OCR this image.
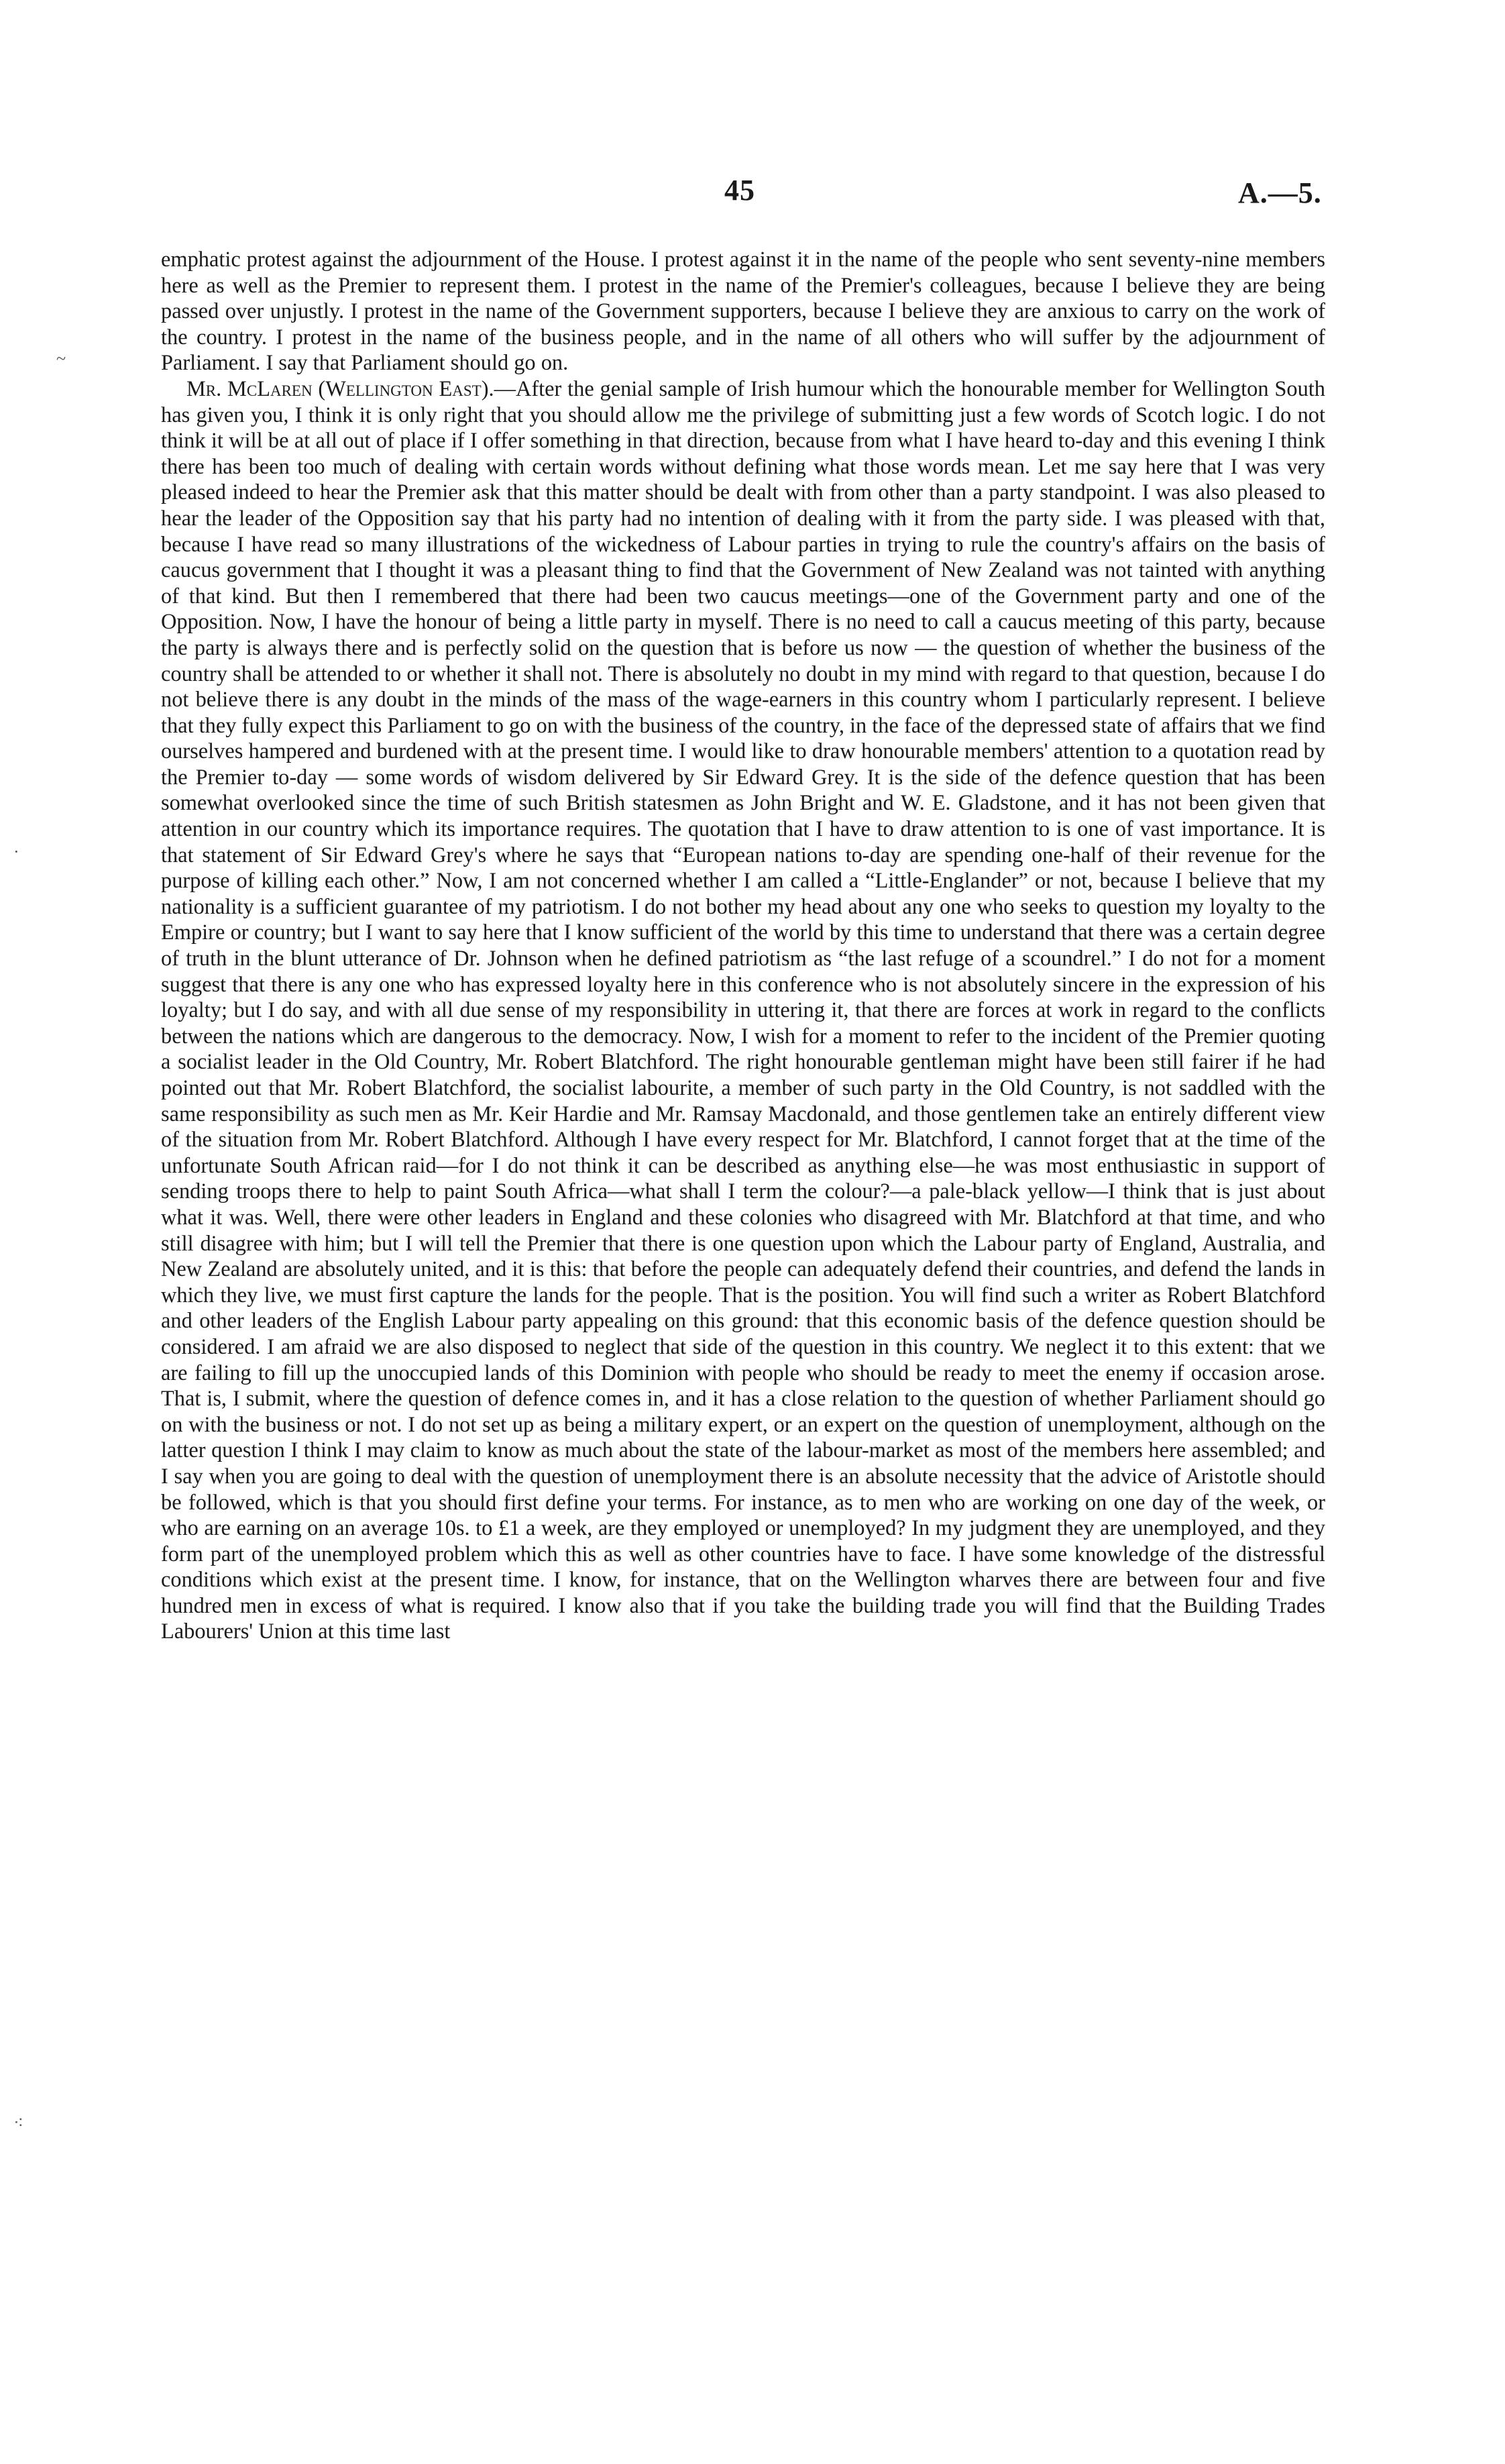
45	A.—5.

emphatic protest against the adjournment of the House. I protest against it in the name of the people who sent seventy-nine members here as well as the Premier to represent them. I protest in the name of the Premier's colleagues, because I believe they are being passed over unjustly. I protest in the name of the Government supporters, because I believe they are anxious to carry on the work of the country. I protest in the name of the business people, and in the name of all others who will suffer by the adjournment of Parliament. I say that Parliament should go on.

Mr. McLaren (Wellington East).—After the genial sample of Irish humour which the honourable member for Wellington South has given you, I think it is only right that you should allow me the privilege of submitting just a few words of Scotch logic. I do not think it will be at all out of place if I offer something in that direction, because from what I have heard to-day and this evening I think there has been too much of dealing with certain words without defining what those words mean. Let me say here that I was very pleased indeed to hear the Premier ask that this matter should be dealt with from other than a party standpoint. I was also pleased to hear the leader of the Opposition say that his party had no intention of dealing with it from the party side. I was pleased with that, because I have read so many illustrations of the wickedness of Labour parties in trying to rule the country's affairs on the basis of caucus government that I thought it was a pleasant thing to find that the Government of New Zealand was not tainted with anything of that kind. But then I remembered that there had been two caucus meetings—one of the Government party and one of the Opposition. Now, I have the honour of being a little party in myself. There is no need to call a caucus meeting of this party, because the party is always there and is perfectly solid on the question that is before us now — the question of whether the business of the country shall be attended to or whether it shall not. There is absolutely no doubt in my mind with regard to that question, because I do not believe there is any doubt in the minds of the mass of the wage-earners in this country whom I particularly represent. I believe that they fully expect this Parliament to go on with the business of the country, in the face of the depressed state of affairs that we find ourselves hampered and burdened with at the present time. I would like to draw honourable members' attention to a quotation read by the Premier to-day — some words of wisdom delivered by Sir Edward Grey. It is the side of the defence question that has been somewhat overlooked since the time of such British statesmen as John Bright and W. E. Gladstone, and it has not been given that attention in our country which its importance requires. The quotation that I have to draw attention to is one of vast importance. It is that statement of Sir Edward Grey's where he says that “European nations to-day are spending one-half of their revenue for the purpose of killing each other.” Now, I am not concerned whether I am called a “Little-Englander” or not, because I believe that my nationality is a sufficient guarantee of my patriotism. I do not bother my head about any one who seeks to question my loyalty to the Empire or country; but I want to say here that I know sufficient of the world by this time to understand that there was a certain degree of truth in the blunt utterance of Dr. Johnson when he defined patriotism as “the last refuge of a scoundrel.” I do not for a moment suggest that there is any one who has expressed loyalty here in this conference who is not absolutely sincere in the expression of his loyalty; but I do say, and with all due sense of my responsibility in uttering it, that there are forces at work in regard to the conflicts between the nations which are dangerous to the democracy. Now, I wish for a moment to refer to the incident of the Premier quoting a socialist leader in the Old Country, Mr. Robert Blatchford. The right honourable gentleman might have been still fairer if he had pointed out that Mr. Robert Blatchford, the socialist labourite, a member of such party in the Old Country, is not saddled with the same responsibility as such men as Mr. Keir Hardie and Mr. Ramsay Macdonald, and those gentlemen take an entirely different view of the situation from Mr. Robert Blatchford. Although I have every respect for Mr. Blatchford, I cannot forget that at the time of the unfortunate South African raid—for I do not think it can be described as anything else—he was most enthusiastic in support of sending troops there to help to paint South Africa—what shall I term the colour?—a pale-black yellow—I think that is just about what it was. Well, there were other leaders in England and these colonies who disagreed with Mr. Blatchford at that time, and who still disagree with him; but I will tell the Premier that there is one question upon which the Labour party of England, Australia, and New Zealand are absolutely united, and it is this: that before the people can adequately defend their countries, and defend the lands in which they live, we must first capture the lands for the people. That is the position. You will find such a writer as Robert Blatchford and other leaders of the English Labour party appealing on this ground: that this economic basis of the defence question should be considered. I am afraid we are also disposed to neglect that side of the question in this country. We neglect it to this extent: that we are failing to fill up the unoccupied lands of this Dominion with people who should be ready to meet the enemy if occasion arose. That is, I submit, where the question of defence comes in, and it has a close relation to the question of whether Parliament should go on with the business or not. I do not set up as being a military expert, or an expert on the question of unemployment, although on the latter question I think I may claim to know as much about the state of the labour-market as most of the members here assembled; and I say when you are going to deal with the question of unemployment there is an absolute necessity that the advice of Aristotle should be followed, which is that you should first define your terms. For instance, as to men who are working on one day of the week, or who are earning on an average 10s. to £1 a week, are they employed or unemployed? In my judgment they are unemployed, and they form part of the unemployed problem which this as well as other countries have to face. I have some knowledge of the distressful conditions which exist at the present time. I know, for instance, that on the Wellington wharves there are between four and five hundred men in excess of what is required. I know also that if you take the building trade you will find that the Building Trades Labourers' Union at this time last

~
·
⁖
